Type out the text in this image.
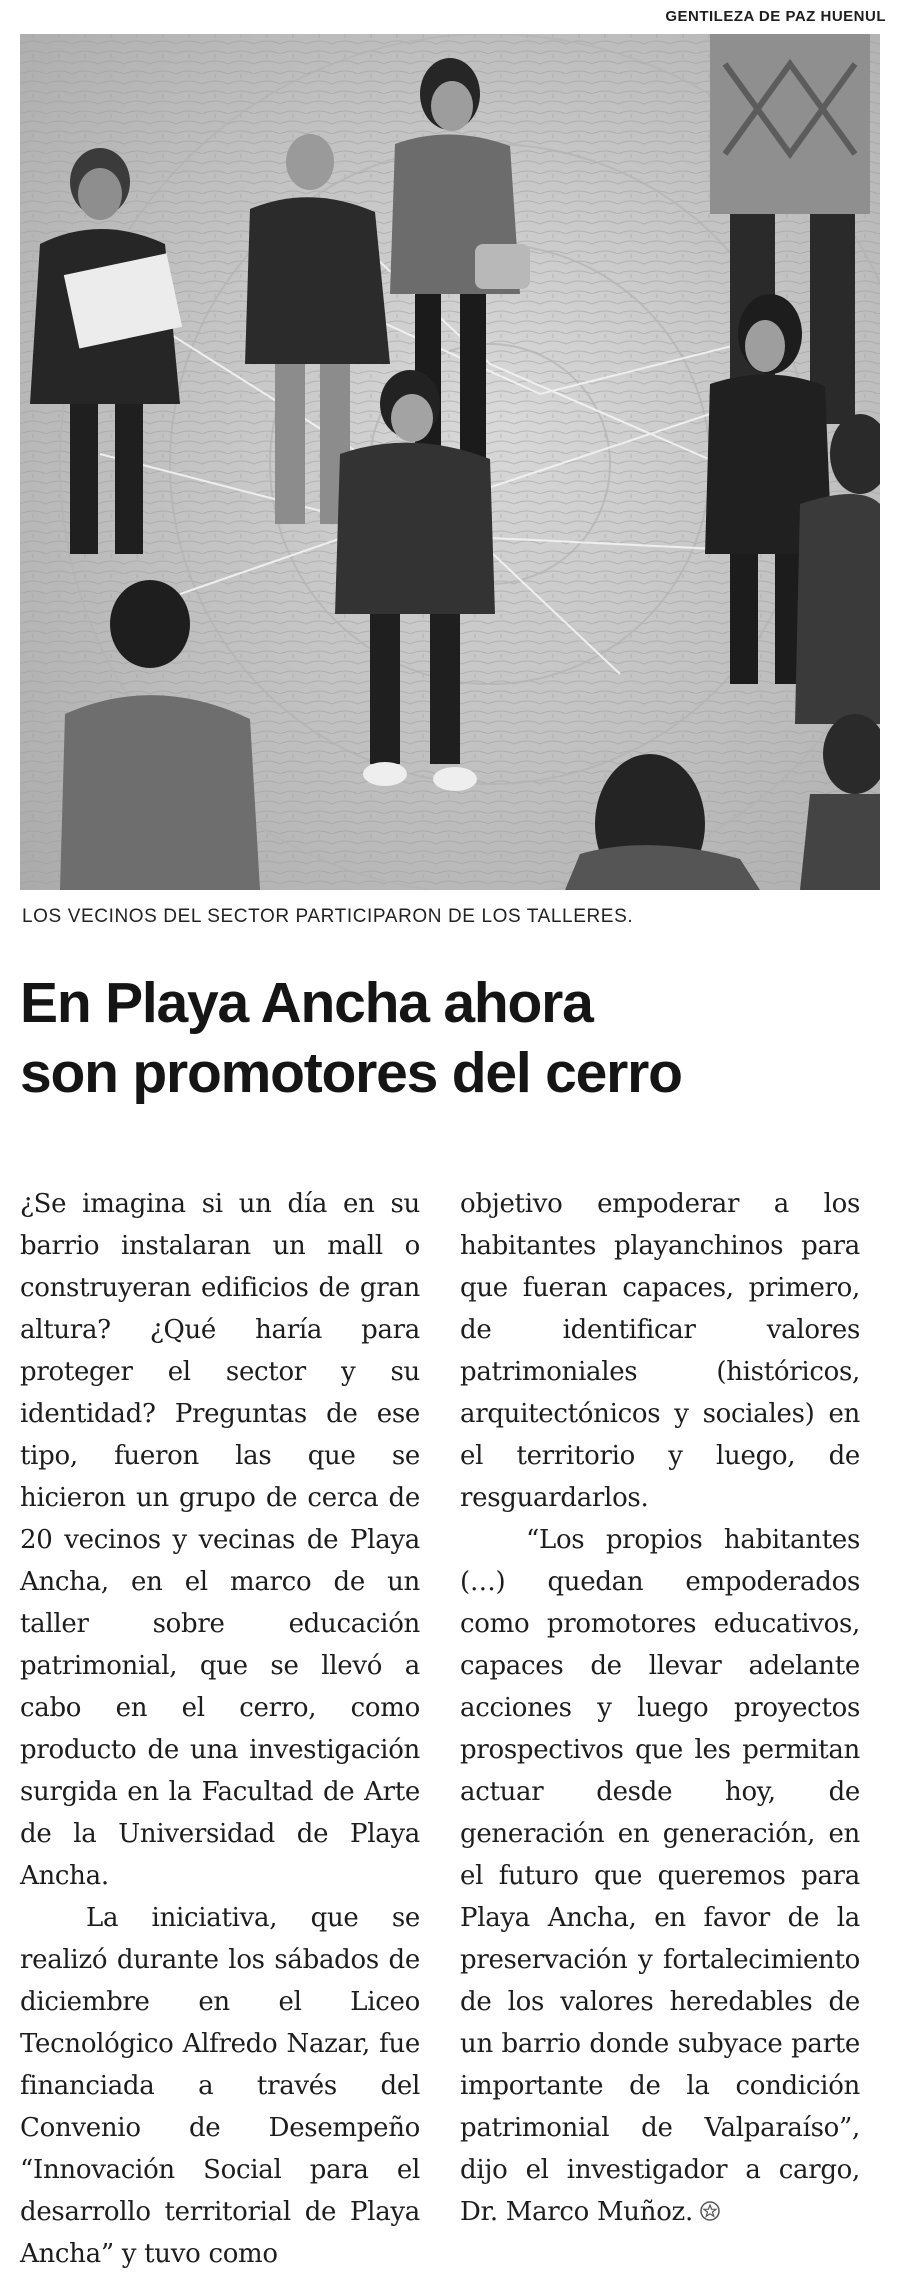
GENTILEZA DE PAZ HUENUL
LOS VECINOS DEL SECTOR PARTICIPARON DE LOS TALLERES.
En Playa Ancha ahora
son promotores del cerro

¿Se imagina si un día en su barrio instalaran un mall o construyeran edificios de gran altura? ¿Qué haría para proteger el sector y su identidad? Preguntas de ese tipo, fueron las que se hicieron un grupo de cerca de 20 vecinos y vecinas de Playa Ancha, en el marco de un taller sobre educación patrimonial, que se llevó a cabo en el cerro, como producto de una investigación surgida en la Facultad de Arte de la Universidad de Playa Ancha.

La iniciativa, que se realizó durante los sábados de diciembre en el Liceo Tecnológico Alfredo Nazar, fue financiada a través del Convenio de Desempeño “Innovación Social para el desarrollo territorial de Playa Ancha” y tuvo como

objetivo empoderar a los habitantes playanchinos para que fueran capaces, primero, de identificar valores patrimoniales (históricos, arquitectónicos y sociales) en el territorio y luego, de resguardarlos.

“Los propios habitantes (…) quedan empoderados como promotores educativos, capaces de llevar adelante acciones y luego proyectos prospectivos que les permitan actuar desde hoy, de generación en generación, en el futuro que queremos para Playa Ancha, en favor de la preservación y fortalecimiento de los valores heredables de un barrio donde subyace parte importante de la condición patrimonial de Valparaíso”, dijo el investigador a cargo, Dr. Marco Muñoz.
